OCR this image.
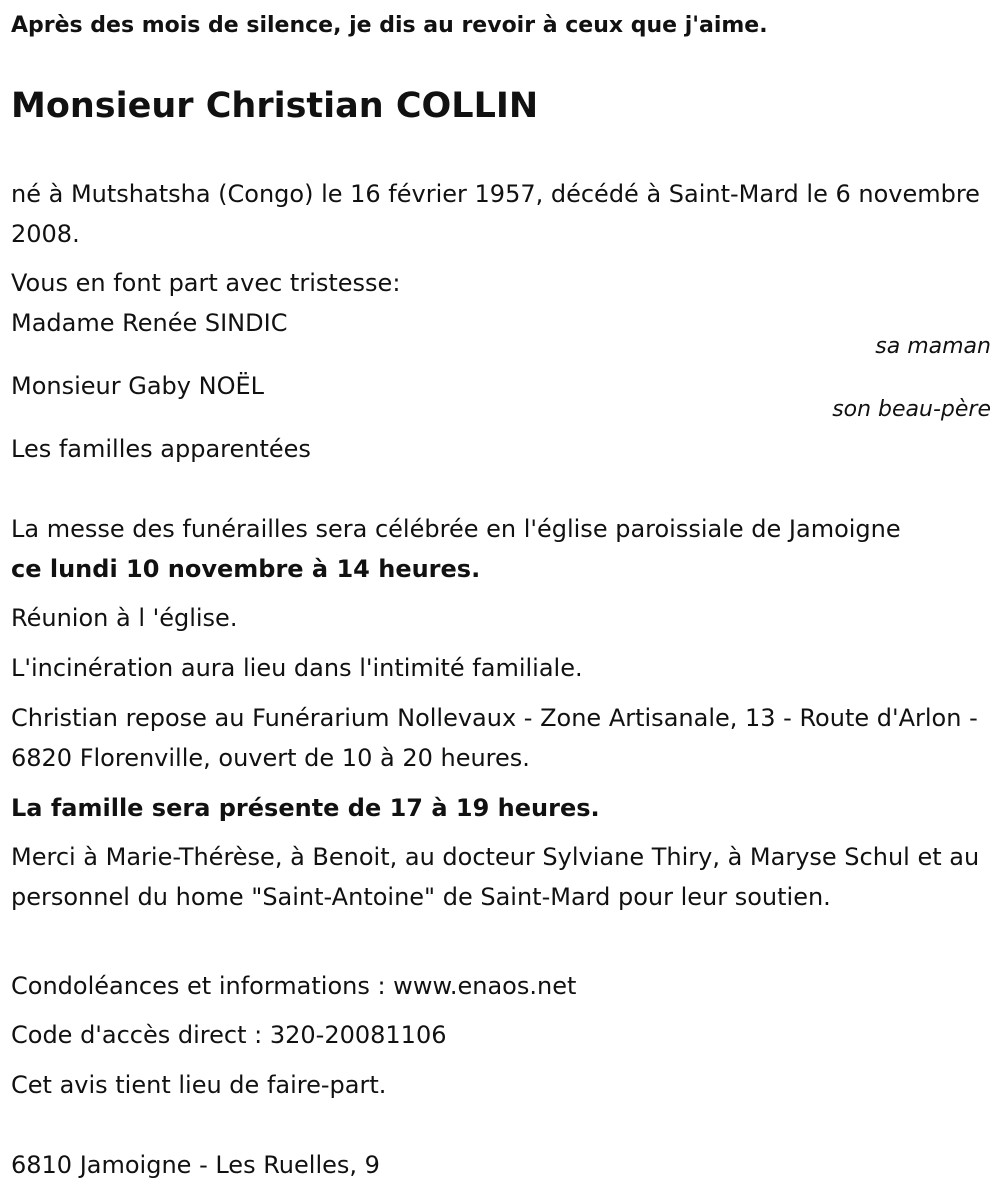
Après des mois de silence, je dis au revoir à ceux que j'aime.
Monsieur Christian COLLIN

né à Mutshatsha (Congo) le 16 février 1957, décédé à Saint-Mard le 6 novembre 2008.

Vous en font part avec tristesse:

Madame Renée SINDIC

sa maman

Monsieur Gaby NOËL

son beau-père

Les familles apparentées

La messe des funérailles sera célébrée en l'église paroissiale de Jamoigne
ce lundi 10 novembre à 14 heures.

Réunion à l 'église.

L'incinération aura lieu dans l'intimité familiale.

Christian repose au Funérarium Nollevaux - Zone Artisanale, 13 - Route d'Arlon - 6820 Florenville, ouvert de 10 à 20 heures.

La famille sera présente de 17 à 19 heures.

Merci à Marie-Thérèse, à Benoit, au docteur Sylviane Thiry, à Maryse Schul et au personnel du home "Saint-Antoine" de Saint-Mard pour leur soutien.

Condoléances et informations : www.enaos.net

Code d'accès direct : 320-20081106

Cet avis tient lieu de faire-part.

6810 Jamoigne - Les Ruelles, 9
